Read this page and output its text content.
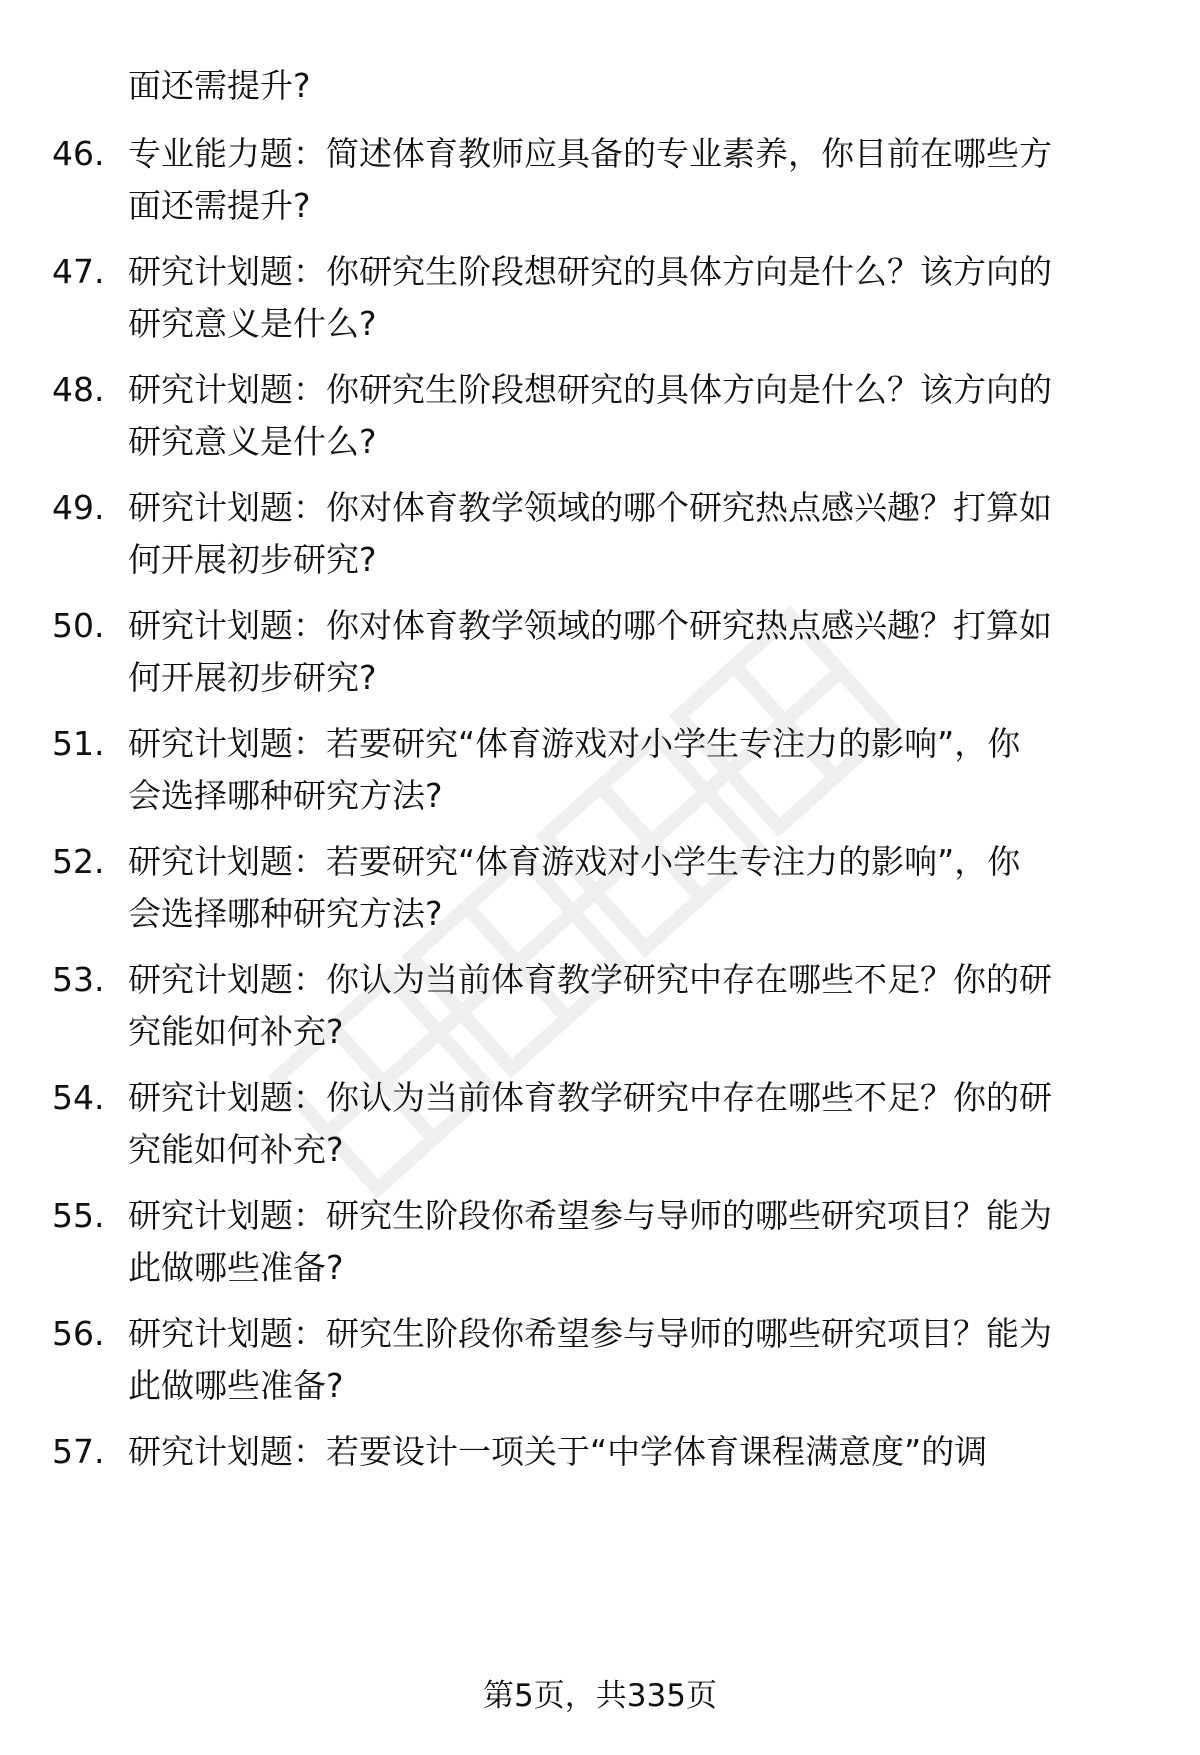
面还需提升?
46. 专业能力题：简述体育教师应具备的专业素养，你目前在哪些方
面还需提升?
47. 研究计划题：你研究生阶段想研究的具体方向是什么？该方向的
研究意义是什么?
48. 研究计划题：你研究生阶段想研究的具体方向是什么？该方向的
研究意义是什么?
49. 研究计划题：你对体育教学领域的哪个研究热点感兴趣？打算如
何开展初步研究?
50. 研究计划题：你对体育教学领域的哪个研究热点感兴趣？打算如
何开展初步研究?
51. 研究计划题：若要研究“体育游戏对小学生专注力的影响”，你
会选择哪种研究方法?
52. 研究计划题：若要研究“体育游戏对小学生专注力的影响”，你
会选择哪种研究方法?
53. 研究计划题：你认为当前体育教学研究中存在哪些不足？你的研
究能如何补充?
54. 研究计划题：你认为当前体育教学研究中存在哪些不足？你的研
究能如何补充?
55. 研究计划题：研究生阶段你希望参与导师的哪些研究项目？能为
此做哪些准备?
56. 研究计划题：研究生阶段你希望参与导师的哪些研究项目？能为
此做哪些准备?
57. 研究计划题：若要设计一项关于“中学体育课程满意度”的调
第5页，共335页
